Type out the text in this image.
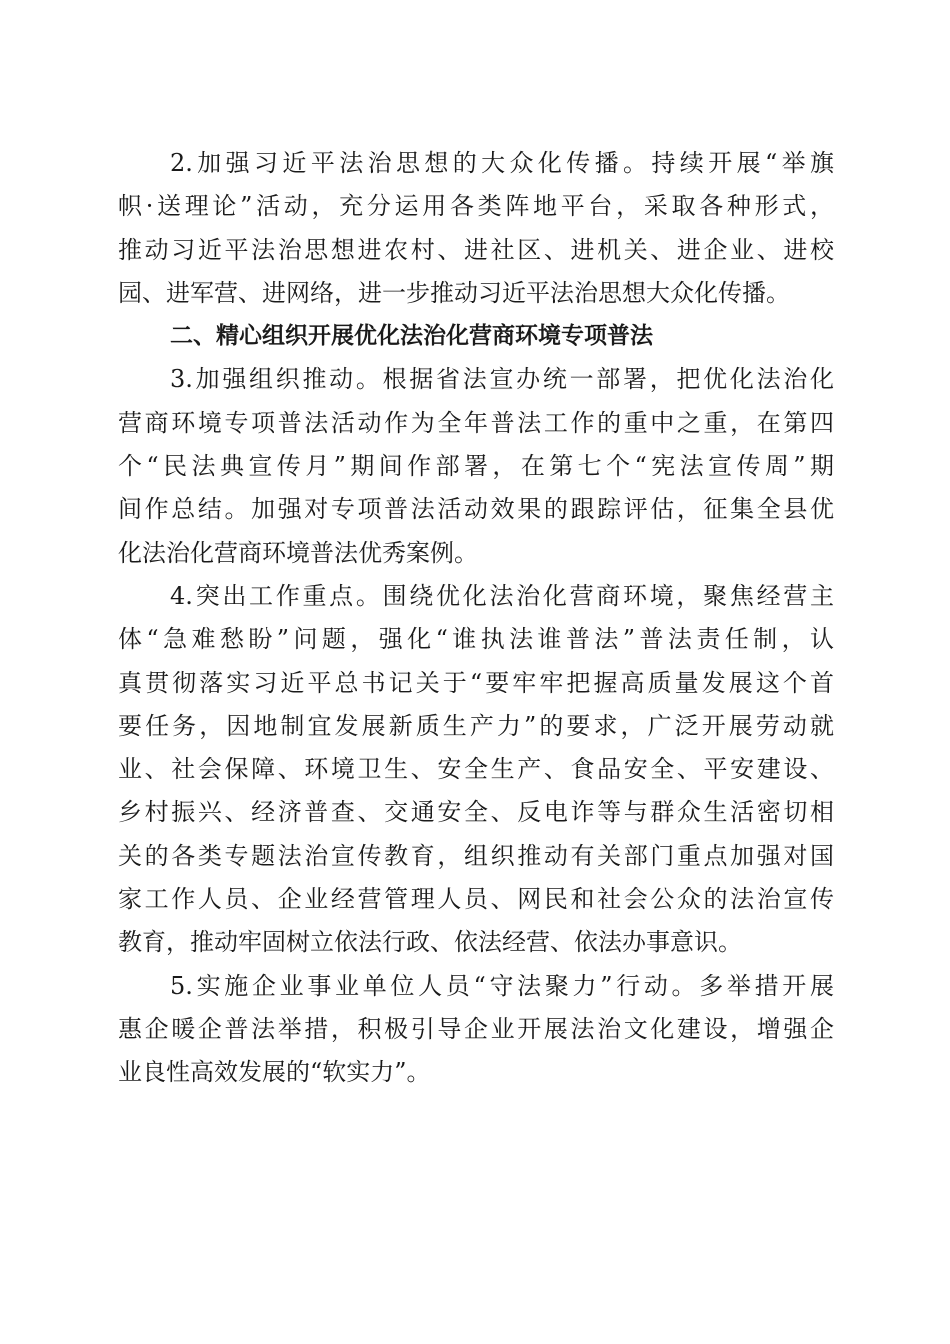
2.加强习近平法治思想的大众化传播。持续开展“举旗
帜·送理论”活动，充分运用各类阵地平台，采取各种形式，
推动习近平法治思想进农村、进社区、进机关、进企业、进校
园、进军营、进网络，进一步推动习近平法治思想大众化传播。
二、精心组织开展优化法治化营商环境专项普法
3.加强组织推动。根据省法宣办统一部署，把优化法治化
营商环境专项普法活动作为全年普法工作的重中之重，在第四
个“民法典宣传月”期间作部署，在第七个“宪法宣传周”期
间作总结。加强对专项普法活动效果的跟踪评估，征集全县优
化法治化营商环境普法优秀案例。
4.突出工作重点。围绕优化法治化营商环境，聚焦经营主
体“急难愁盼”问题，强化“谁执法谁普法”普法责任制，认
真贯彻落实习近平总书记关于“要牢牢把握高质量发展这个首
要任务，因地制宜发展新质生产力”的要求，广泛开展劳动就
业、社会保障、环境卫生、安全生产、食品安全、平安建设、
乡村振兴、经济普查、交通安全、反电诈等与群众生活密切相
关的各类专题法治宣传教育，组织推动有关部门重点加强对国
家工作人员、企业经营管理人员、网民和社会公众的法治宣传
教育，推动牢固树立依法行政、依法经营、依法办事意识。
5.实施企业事业单位人员“守法聚力”行动。多举措开展
惠企暖企普法举措，积极引导企业开展法治文化建设，增强企
业良性高效发展的“软实力”。
